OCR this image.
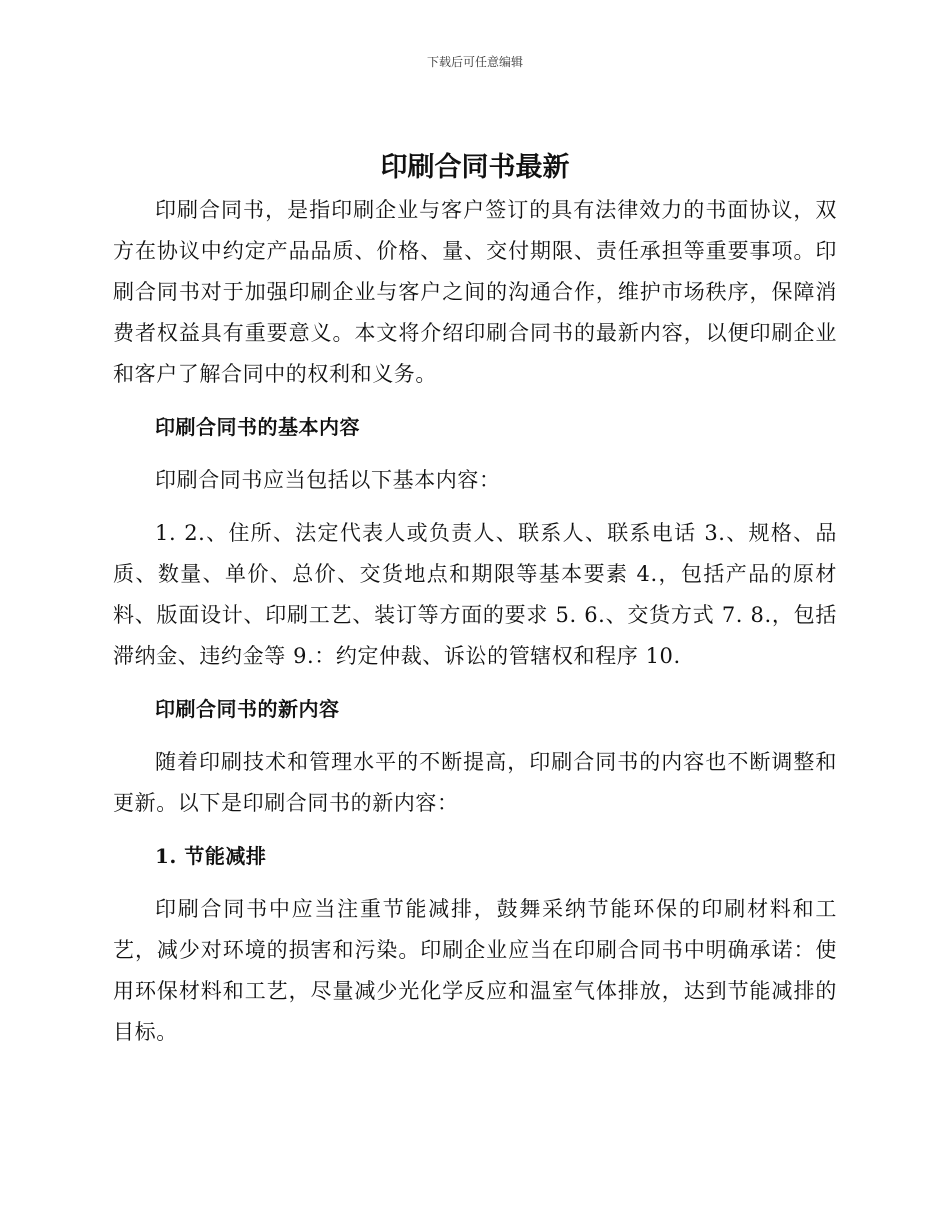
下载后可任意编辑
印刷合同书最新

印刷合同书，是指印刷企业与客户签订的具有法律效力的书面协议，双方在协议中约定产品品质、价格、量、交付期限、责任承担等重要事项。印刷合同书对于加强印刷企业与客户之间的沟通合作，维护市场秩序，保障消费者权益具有重要意义。本文将介绍印刷合同书的最新内容，以便印刷企业和客户了解合同中的权利和义务。

印刷合同书的基本内容

印刷合同书应当包括以下基本内容：

1. 2.、住所、法定代表人或负责人、联系人、联系电话 3.、规格、品质、数量、单价、总价、交货地点和期限等基本要素 4.，包括产品的原材料、版面设计、印刷工艺、装订等方面的要求 5. 6.、交货方式 7. 8.，包括滞纳金、违约金等 9.：约定仲裁、诉讼的管辖权和程序 10.

印刷合同书的新内容

随着印刷技术和管理水平的不断提高，印刷合同书的内容也不断调整和更新。以下是印刷合同书的新内容：

1. 节能减排

印刷合同书中应当注重节能减排，鼓舞采纳节能环保的印刷材料和工艺，减少对环境的损害和污染。印刷企业应当在印刷合同书中明确承诺：使用环保材料和工艺，尽量减少光化学反应和温室气体排放，达到节能减排的目标。
